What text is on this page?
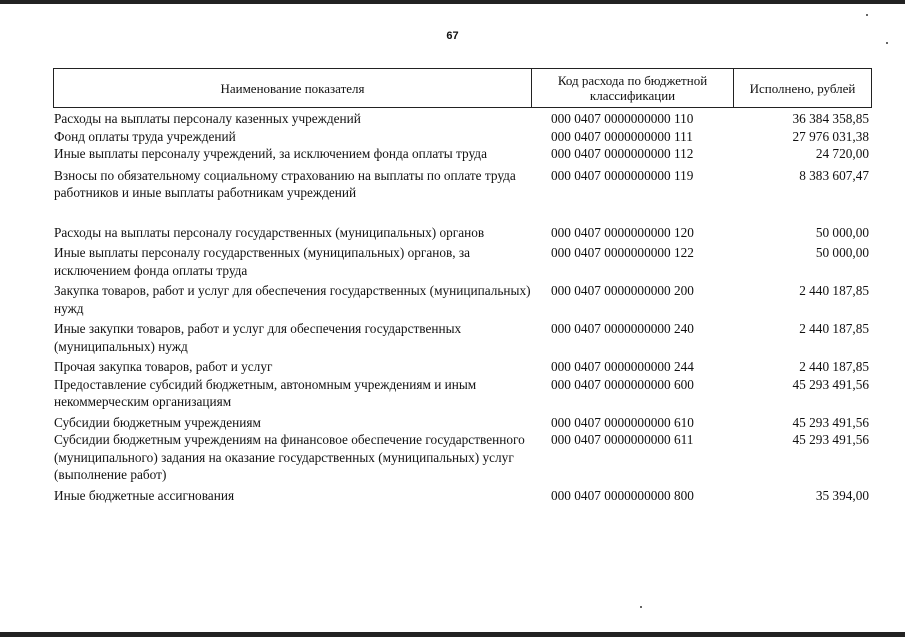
67
Наименование показателя	Код расхода по бюджетной классификации	Исполнено, рублей
Расходы на выплаты персоналу казенных учреждений	000 0407 0000000000 110	36 384 358,85
Фонд оплаты труда учреждений	000 0407 0000000000 111	27 976 031,38
Иные выплаты персоналу учреждений, за исключением фонда оплаты труда	000 0407 0000000000 112	24 720,00
Взносы по обязательному социальному страхованию на выплаты по оплате труда работников и иные выплаты работникам учреждений
000 0407 0000000000 119	8 383 607,47
Расходы на выплаты персоналу государственных (муниципальных) органов	000 0407 0000000000 120	50 000,00
Иные выплаты персоналу государственных (муниципальных) органов, за исключением фонда оплаты труда
000 0407 0000000000 122	50 000,00
Закупка товаров, работ и услуг для обеспечения государственных (муниципальных) нужд
000 0407 0000000000 200	2 440 187,85
Иные закупки товаров, работ и услуг для обеспечения государственных (муниципальных) нужд
000 0407 0000000000 240	2 440 187,85
Прочая закупка товаров, работ и услуг	000 0407 0000000000 244	2 440 187,85
Предоставление субсидий бюджетным, автономным учреждениям и иным некоммерческим организациям
000 0407 0000000000 600	45 293 491,56
Субсидии бюджетным учреждениям	000 0407 0000000000 610	45 293 491,56
Субсидии бюджетным учреждениям на финансовое обеспечение государственного (муниципального) задания на оказание государственных (муниципальных) услуг (выполнение работ)
000 0407 0000000000 611	45 293 491,56
Иные бюджетные ассигнования	000 0407 0000000000 800	35 394,00
